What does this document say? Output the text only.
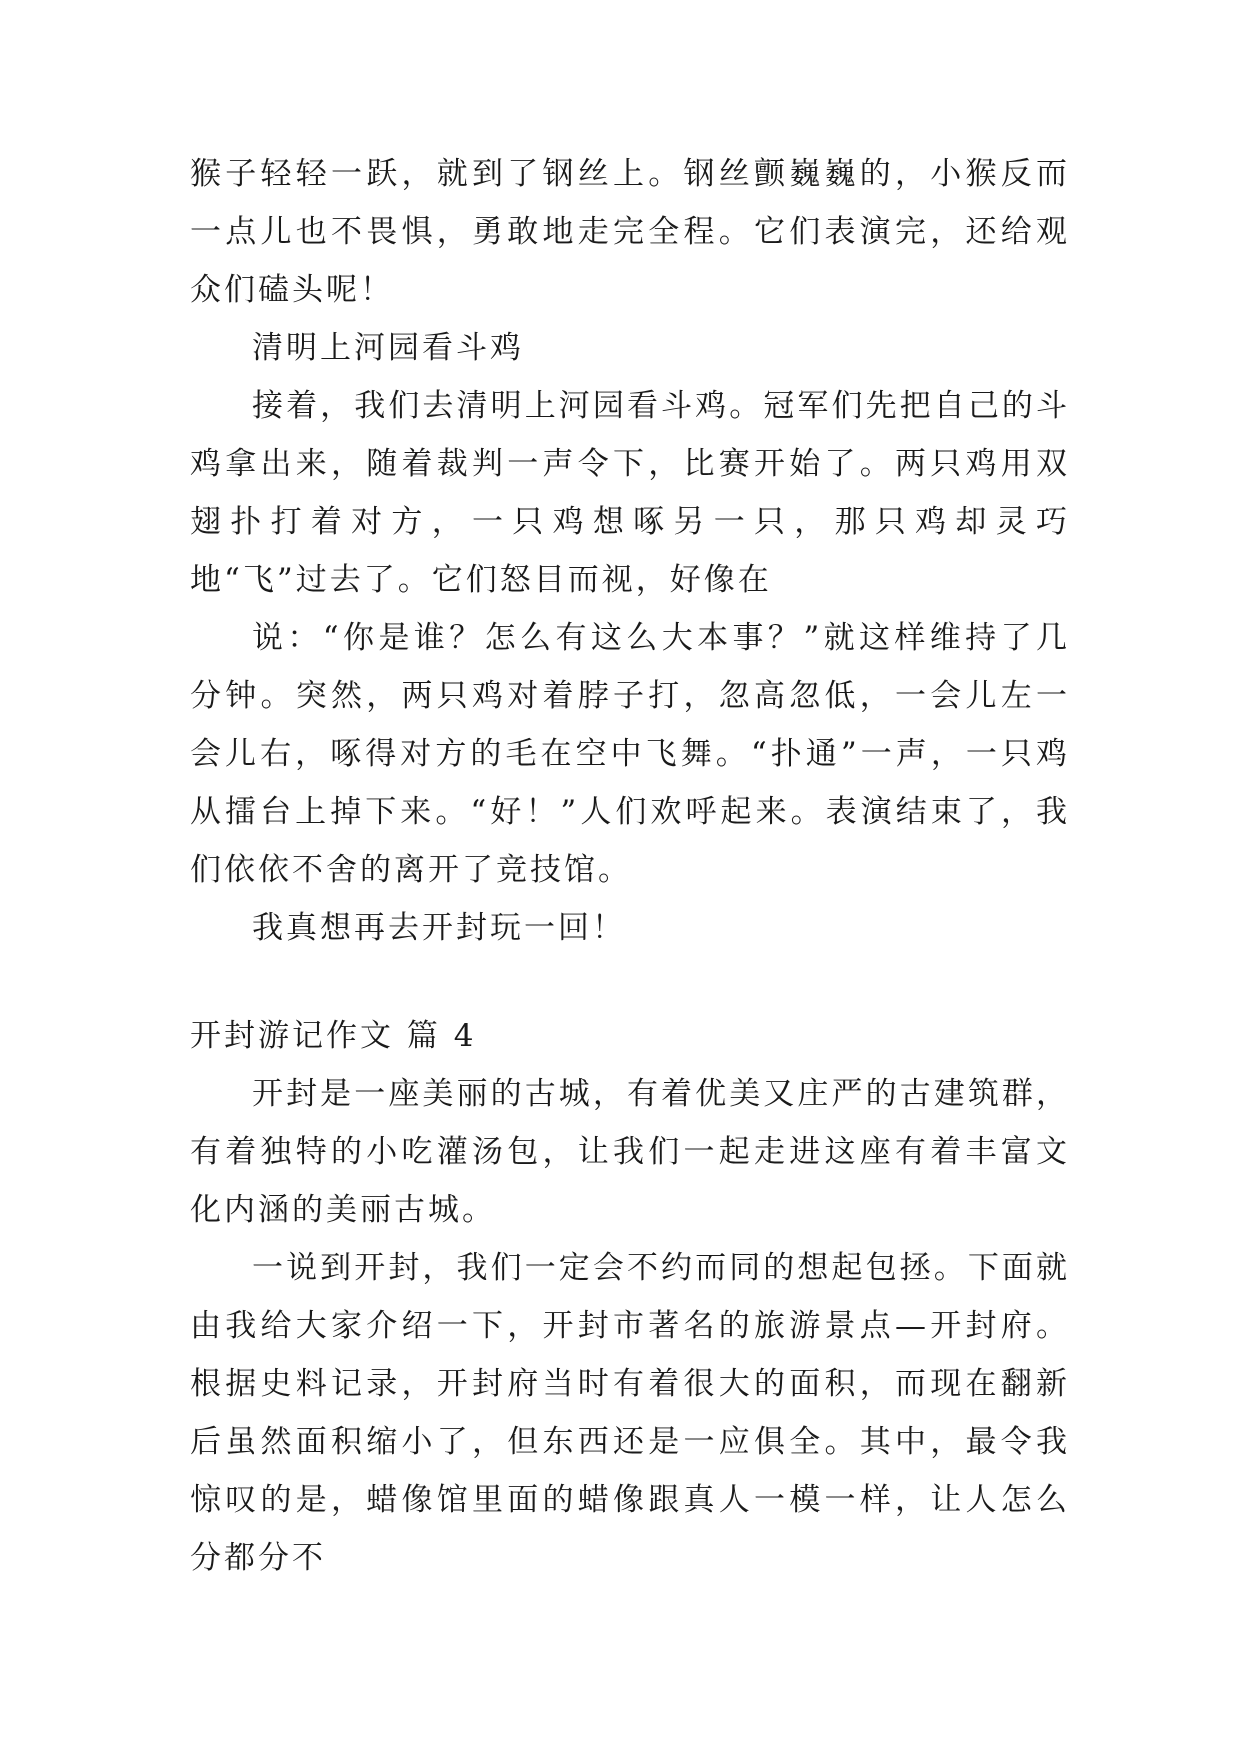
猴子轻轻一跃，就到了钢丝上。钢丝颤巍巍的，小猴反而一点儿也不畏惧，勇敢地走完全程。它们表演完，还给观众们磕头呢！

清明上河园看斗鸡

接着，我们去清明上河园看斗鸡。冠军们先把自己的斗鸡拿出来，随着裁判一声令下，比赛开始了。两只鸡用双翅扑打着对方，一只鸡想啄另一只，那只鸡却灵巧地“飞”过去了。它们怒目而视，好像在

说：“你是谁？怎么有这么大本事？”就这样维持了几分钟。突然，两只鸡对着脖子打，忽高忽低，一会儿左一会儿右，啄得对方的毛在空中飞舞。“扑通”一声，一只鸡从擂台上掉下来。“好！”人们欢呼起来。表演结束了，我们依依不舍的离开了竞技馆。

我真想再去开封玩一回！

开封游记作文 篇 4

开封是一座美丽的古城，有着优美又庄严的古建筑群，有着独特的小吃灌汤包，让我们一起走进这座有着丰富文化内涵的美丽古城。

一说到开封，我们一定会不约而同的想起包拯。下面就由我给大家介绍一下，开封市著名的旅游景点—开封府。根据史料记录，开封府当时有着很大的面积，而现在翻新后虽然面积缩小了，但东西还是一应俱全。其中，最令我惊叹的是，蜡像馆里面的蜡像跟真人一模一样，让人怎么分都分不
